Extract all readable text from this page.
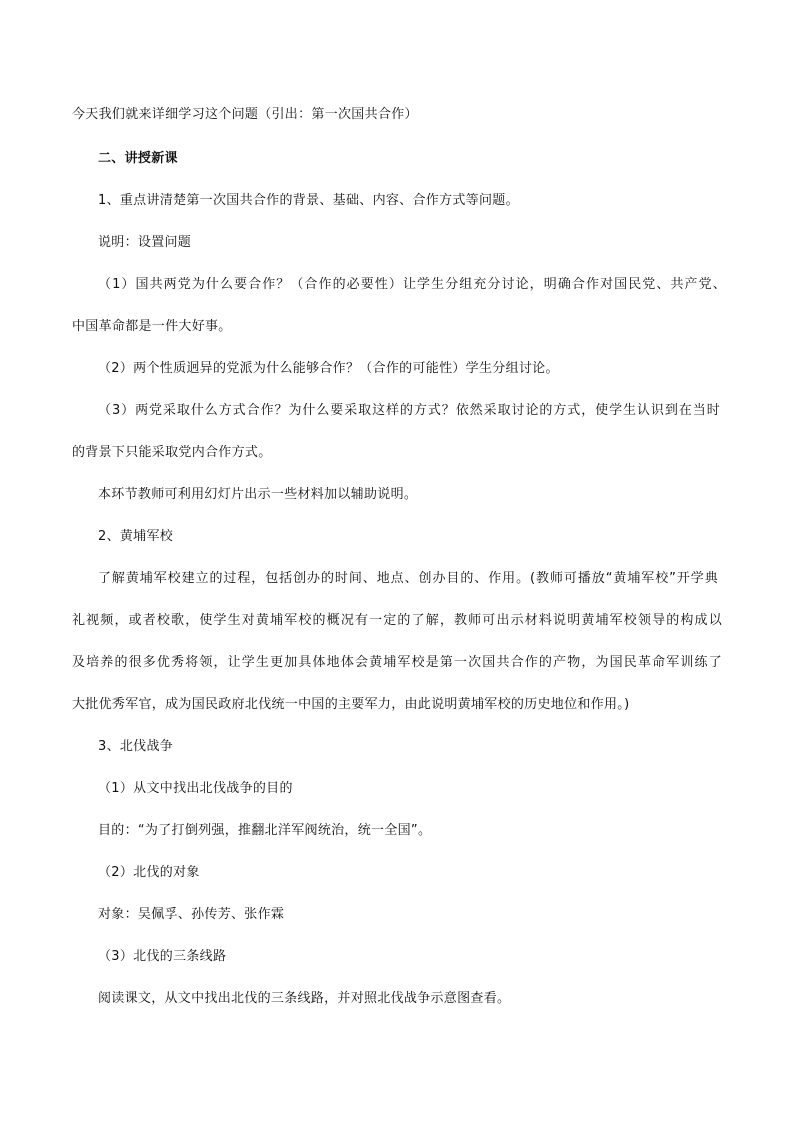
今天我们就来详细学习这个问题（引出：第一次国共合作）
二、讲授新课
1、重点讲清楚第一次国共合作的背景、基础、内容、合作方式等问题。
说明：设置问题
（1）国共两党为什么要合作？（合作的必要性）让学生分组充分讨论，明确合作对国民党、共产党、
中国革命都是一件大好事。
（2）两个性质迥异的党派为什么能够合作？（合作的可能性）学生分组讨论。
（3）两党采取什么方式合作？为什么要采取这样的方式？依然采取讨论的方式，使学生认识到在当时
的背景下只能采取党内合作方式。
本环节教师可利用幻灯片出示一些材料加以辅助说明。
2、黄埔军校
了解黄埔军校建立的过程，包括创办的时间、地点、创办目的、作用。(教师可播放“黄埔军校”开学典
礼视频，或者校歌，使学生对黄埔军校的概况有一定的了解，教师可出示材料说明黄埔军校领导的构成以
及培养的很多优秀将领，让学生更加具体地体会黄埔军校是第一次国共合作的产物，为国民革命军训练了
大批优秀军官，成为国民政府北伐统一中国的主要军力，由此说明黄埔军校的历史地位和作用。)
3、北伐战争
（1）从文中找出北伐战争的目的
目的：“为了打倒列强，推翻北洋军阀统治，统一全国”。
（2）北伐的对象
对象：吴佩孚、孙传芳、张作霖
（3）北伐的三条线路
阅读课文，从文中找出北伐的三条线路，并对照北伐战争示意图查看。
